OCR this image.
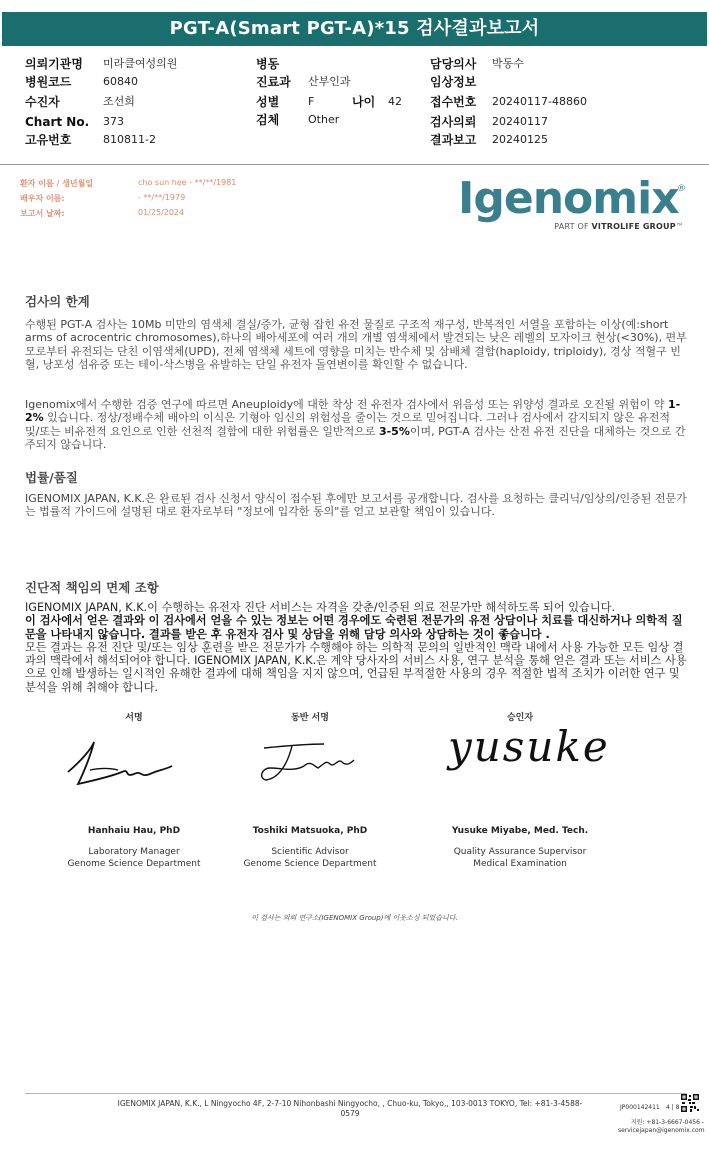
PGT-A(Smart PGT-A)*15 검사결과보고서
의뢰기관명 미라클여성의원
병원코드	60840
수진자	조선희
Chart No. 373
고유번호	810811-2
병동
진료과 산부인과
성별	F	나이 42
검체	Other
담당의사 박동수
임상정보
접수번호 20240117-48860
검사의뢰 20240117
결과보고 20240125
환자 이름 / 생년월일	cho sun hee - **/**/1981
배우자 이름:	- **/**/1979
보고서 날짜:	01/25/2024	Igenomix
®
PART OF VITROLIFE GROUP™
검사의 한계
수행된 PGT-A 검사는 10Mb 미만의 염색체 결실/증가, 균형 잡힌 유전 물질로 구조적 재구성, 반복적인 서열을 포함하는 이상(예:short arms of acrocentric chromosomes),하나의 배아세포에 여러 개의 개별 염색체에서 발견되는 낮은 레벨의 모자이크 현상(<30%), 편부모로부터 유전되는 단친 이염색체(UPD), 전체 염색체 세트에 영향을 미치는 반수체 및 삼배체 결함(haploidy, triploidy), 경상 적혈구 빈혈, 낭포성 섬유증 또는 테이-삭스병을 유발하는 단일 유전자 돌연변이를 확인할 수 없습니다.
Igenomix에서 수행한 검증 연구에 따르면 Aneuploidy에 대한 착상 전 유전자 검사에서 위음성 또는 위양성 결과로 오진될 위험이 약 1-2% 있습니다. 정상/정배수체 배아의 이식은 기형아 임신의 위험성을 줄이는 것으로 믿어집니다. 그러나 검사에서 감지되지 않은 유전적 및/또는 비유전적 요인으로 인한 선천적 결함에 대한 위험률은 일반적으로 3-5%이며, PGT-A 검사는 산전 유전 진단을 대체하는 것으로 간주되지 않습니다.
법률/품질
IGENOMIX JAPAN, K.K.은 완료된 검사 신청서 양식이 접수된 후에만 보고서를 공개합니다. 검사를 요청하는 클리닉/임상의/인증된 전문가는 법률적 가이드에 설명된 대로 환자로부터 "정보에 입각한 동의"를 얻고 보관할 책임이 있습니다.
진단적 책임의 면제 조항
IGENOMIX JAPAN, K.K.이 수행하는 유전자 진단 서비스는 자격을 갖춘/인증된 의료 전문가만 해석하도록 되어 있습니다.
이 검사에서 얻은 결과와 이 검사에서 얻을 수 있는 정보는 어떤 경우에도 숙련된 전문가의 유전 상담이나 치료를 대신하거나 의학적 질문을 나타내지 않습니다. 결과를 받은 후 유전자 검사 및 상담을 위해 담당 의사와 상담하는 것이 좋습니다 .
모든 결과는 유전 진단 및/또는 임상 훈련을 받은 전문가가 수행해야 하는 의학적 문의의 일반적인 맥락 내에서 사용 가능한 모든 임상 결과의 맥락에서 해석되어야 합니다. IGENOMIX JAPAN, K.K.은 계약 당사자의 서비스 사용, 연구 분석을 통해 얻은 결과 또는 서비스 사용으로 인해 발생하는 일시적인 유해한 결과에 대해 책임을 지지 않으며, 언급된 부적절한 사용의 경우 적절한 법적 조치가 이러한 연구 및 분석을 위해 취해야 합니다.
서명	동반 서명	승인자
yusuke
Hanhaiu Hau, PhD
Laboratory Manager
Genome Science Department
Toshiki Matsuoka, PhD
Scientific Advisor
Genome Science Department
Yusuke Miyabe, Med. Tech.
Quality Assurance Supervisor
Medical Examination
이 검사는 의뢰 연구소(IGENOMIX Group)에 이웃소싱 되었습니다.
IGENOMIX JAPAN, K.K., L Ningyocho 4F, 2-7-10 Nihonbashi Ningyocho, , Chuo-ku, Tokyo,, 103-0013 TOKYO, Tel: +81-3-4588-0579
JP000142411 4 | 8
지원: +81-3-6667-0456 -
servicejapan@igenomix.com
